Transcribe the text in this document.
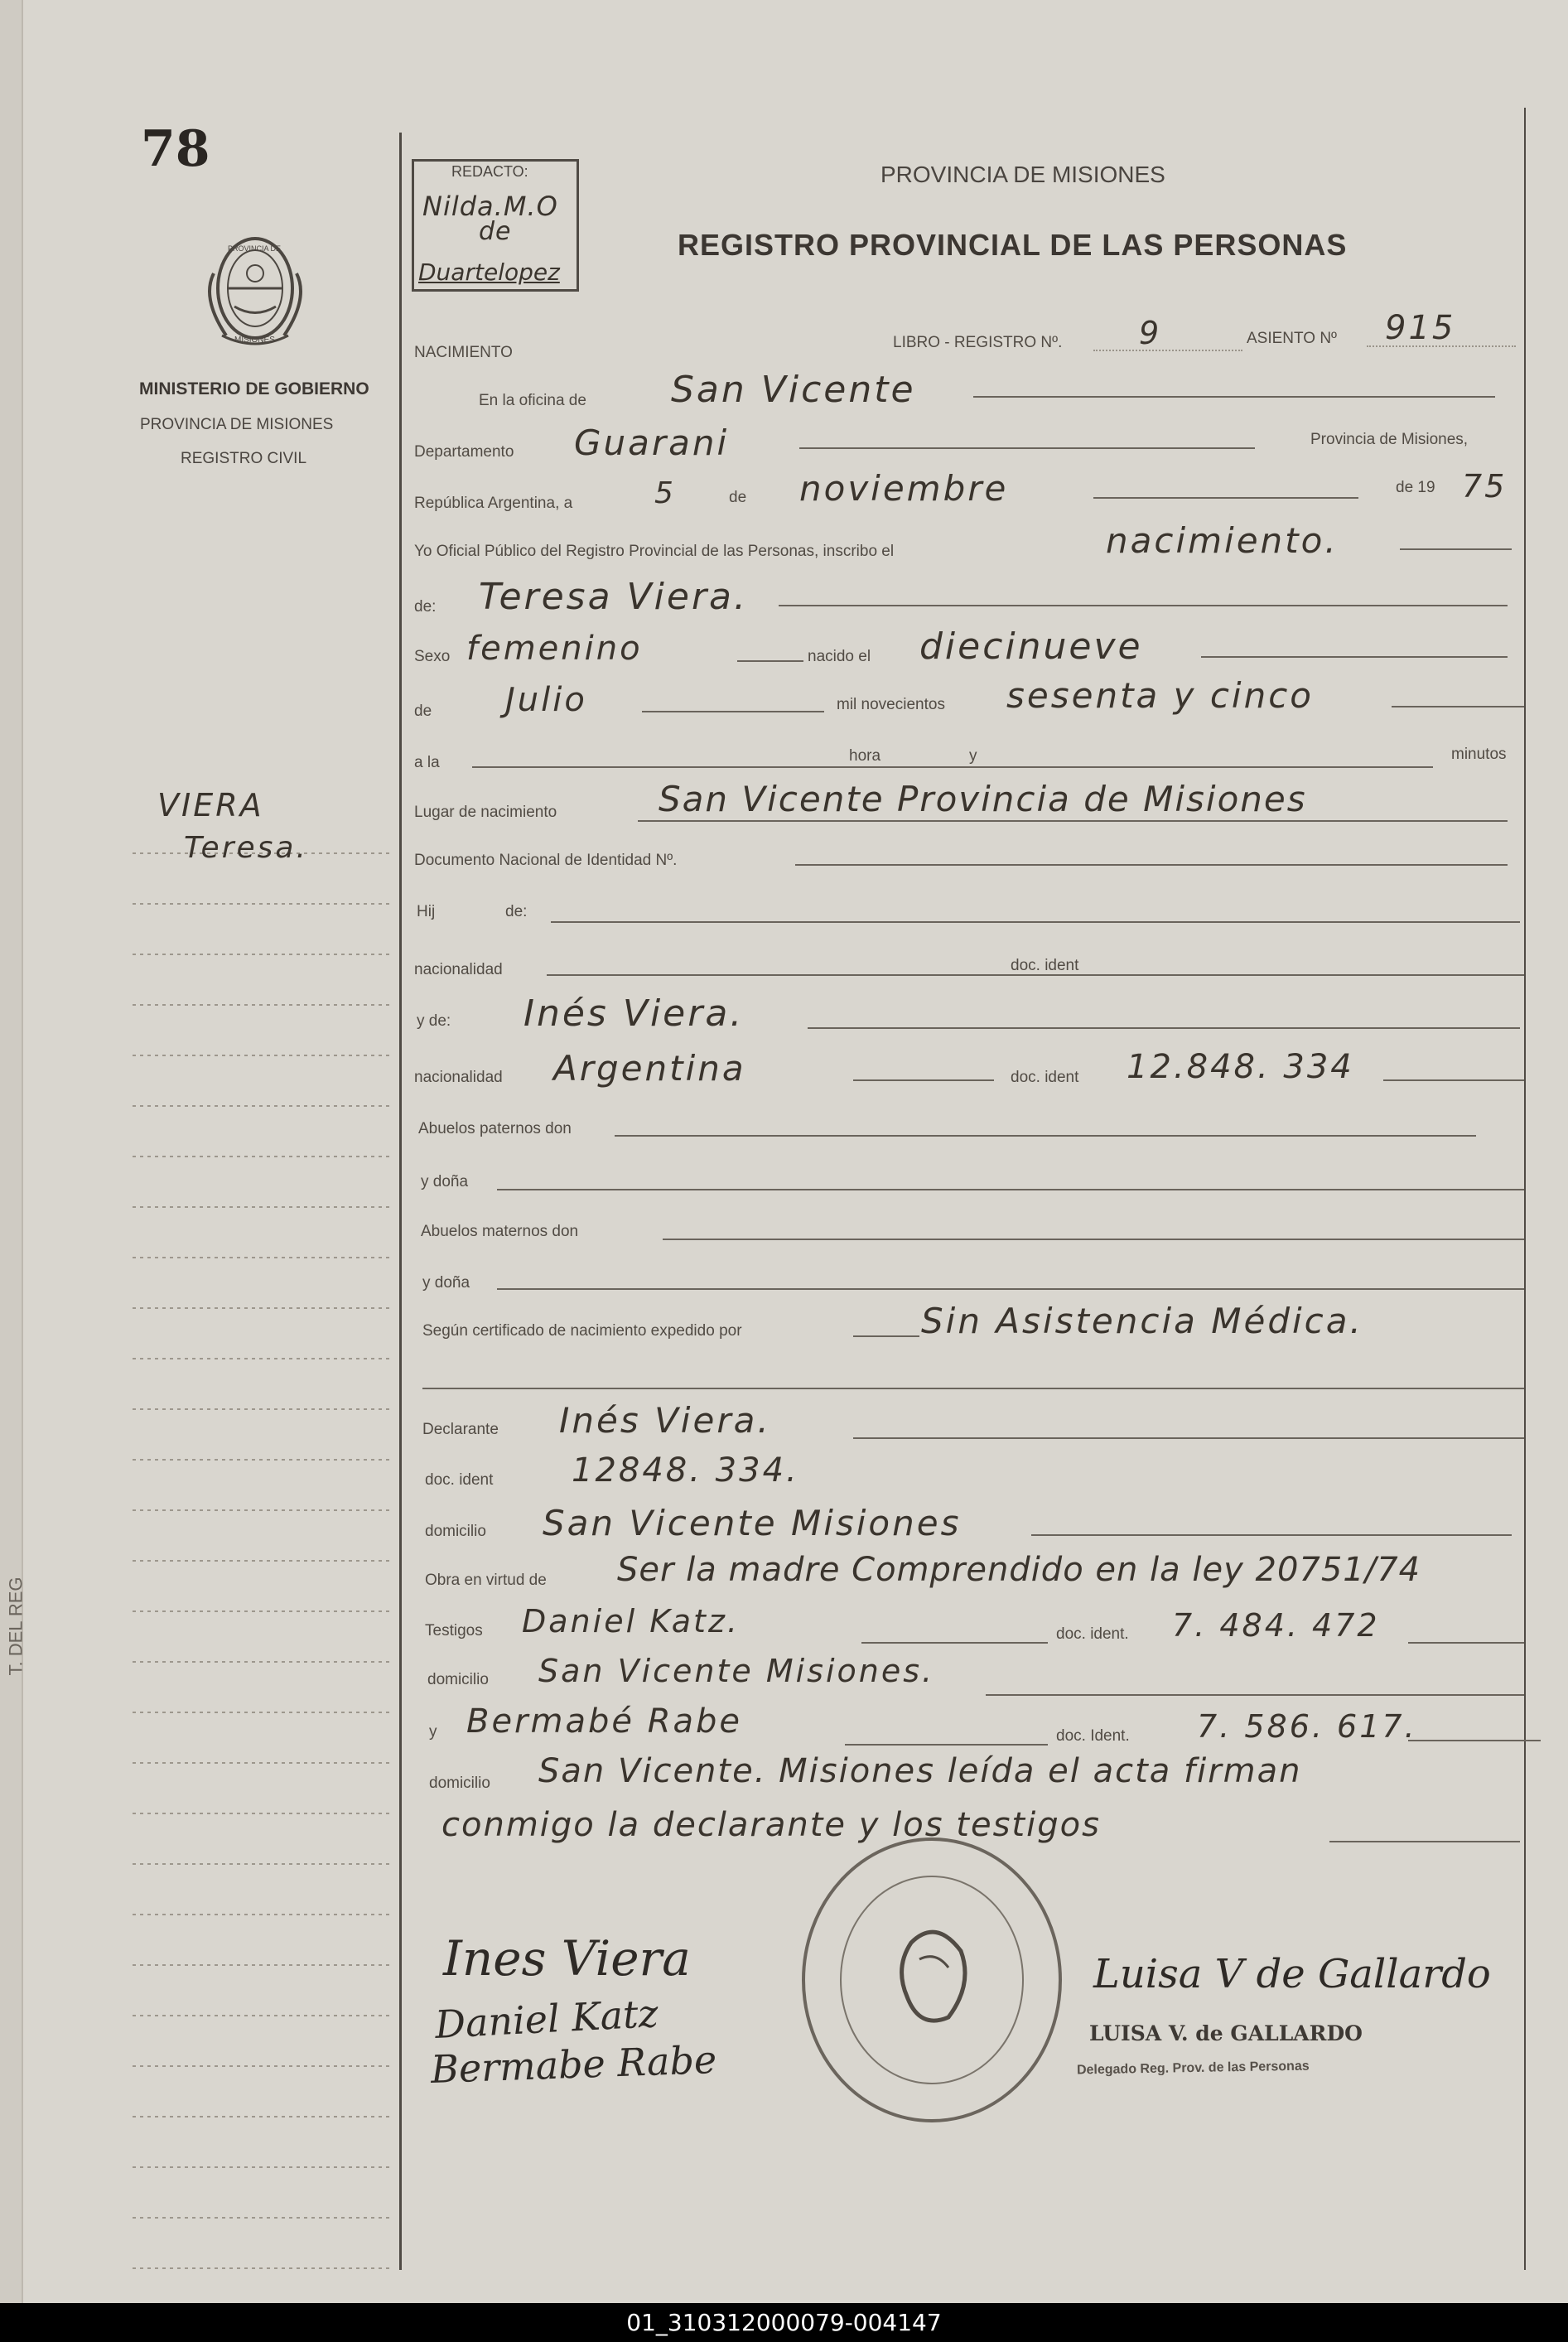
78
T. DEL REG
PROVINCIA DE
MISIONES
MINISTERIO DE GOBIERNO
PROVINCIA DE MISIONES
REGISTRO CIVIL
VIERA
Teresa.
REDACTO:
Nilda.M.O
de
Duartelopez
PROVINCIA DE MISIONES
REGISTRO PROVINCIAL DE LAS PERSONAS
NACIMIENTO
LIBRO - REGISTRO Nº. 9	ASIENTO Nº 915
En la oficina de San Vicente
Departamento Guarani	Provincia de Misiones,
República Argentina, a	5	de noviembre	de 19 75
Yo Oficial Público del Registro Provincial de las Personas, inscribo el	nacimiento.
de: Teresa Viera.
Sexo femenino	nacido el diecinueve
de Julio	mil novecientos sesenta y cinco
a la	hora	y	minutos
Lugar de nacimiento	San Vicente Provincia de Misiones
Documento Nacional de Identidad Nº.
Hij	de:
nacionalidad	doc. ident
y de: Inés Viera.
nacionalidad Argentina	doc. ident 12.848. 334
Abuelos paternos don
y doña
Abuelos maternos don
y doña
Según certificado de nacimiento expedido por	Sin Asistencia Médica.
Declarante Inés Viera.
doc. ident 12848. 334.
domicilio San Vicente Misiones
Obra en virtud de Ser la madre Comprendido en la ley 20751/74
Testigos Daniel Katz.	doc. ident. 7. 484. 472
domicilio San Vicente Misiones.
y Bermabé Rabe	doc. Ident. 7. 586. 617.
domicilio San Vicente. Misiones leída el acta firman
conmigo la declarante y los testigos
Ines Viera
Daniel Katz
Bermabe Rabe
Luisa V de Gallardo
LUISA V. de GALLARDO
Delegado Reg. Prov. de las Personas
01_310312000079-004147
